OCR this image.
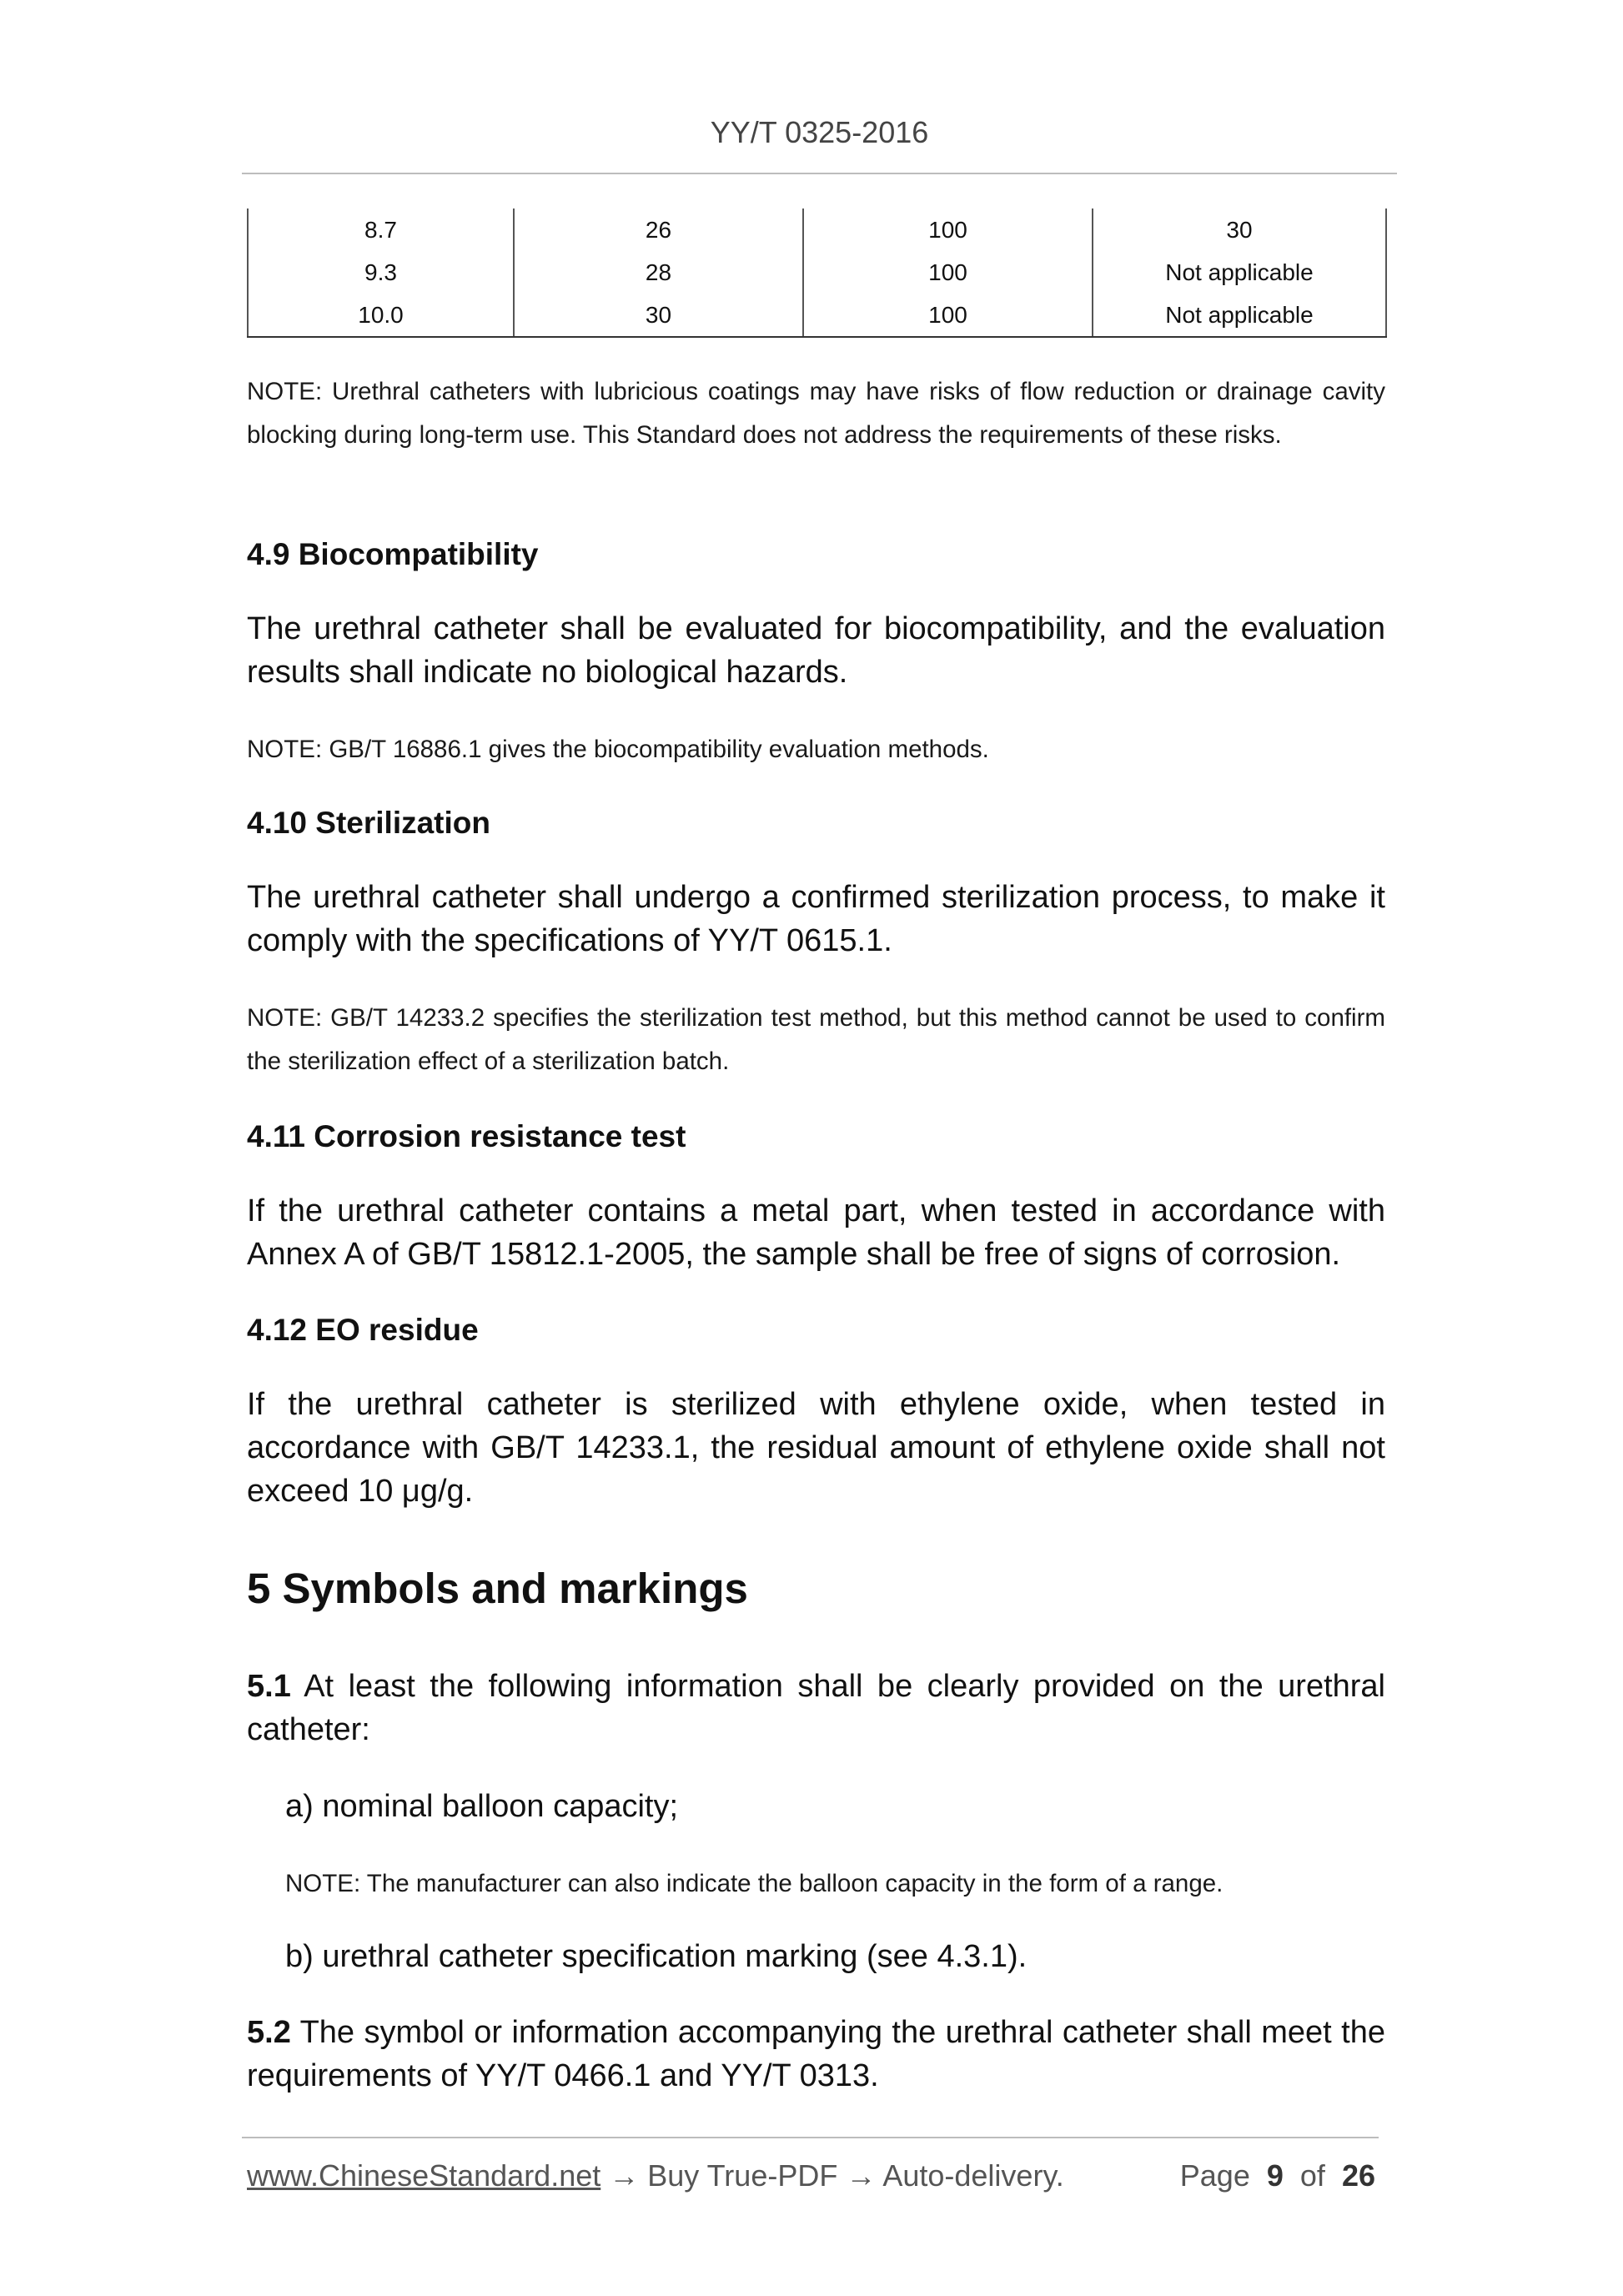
YY/T 0325-2016
8.7	26	100	30
9.3	28	100	Not applicable
10.0	30	100	Not applicable
NOTE: Urethral catheters with lubricious coatings may have risks of flow reduction or drainage cavity blocking during long-term use. This Standard does not address the requirements of these risks.
4.9 Biocompatibility
The urethral catheter shall be evaluated for biocompatibility, and the evaluation results shall indicate no biological hazards.
NOTE: GB/T 16886.1 gives the biocompatibility evaluation methods.
4.10 Sterilization
The urethral catheter shall undergo a confirmed sterilization process, to make it comply with the specifications of YY/T 0615.1.
NOTE: GB/T 14233.2 specifies the sterilization test method, but this method cannot be used to confirm the sterilization effect of a sterilization batch.
4.11 Corrosion resistance test
If the urethral catheter contains a metal part, when tested in accordance with Annex A of GB/T 15812.1-2005, the sample shall be free of signs of corrosion.
4.12 EO residue
If the urethral catheter is sterilized with ethylene oxide, when tested in accordance with GB/T 14233.1, the residual amount of ethylene oxide shall not exceed 10 μg/g.
5 Symbols and markings
5.1 At least the following information shall be clearly provided on the urethral catheter:
a) nominal balloon capacity;
NOTE: The manufacturer can also indicate the balloon capacity in the form of a range.
b) urethral catheter specification marking (see 4.3.1).
5.2 The symbol or information accompanying the urethral catheter shall meet the requirements of YY/T 0466.1 and YY/T 0313.
www.ChineseStandard.net → Buy True-PDF → Auto-delivery.	Page 9 of 26
